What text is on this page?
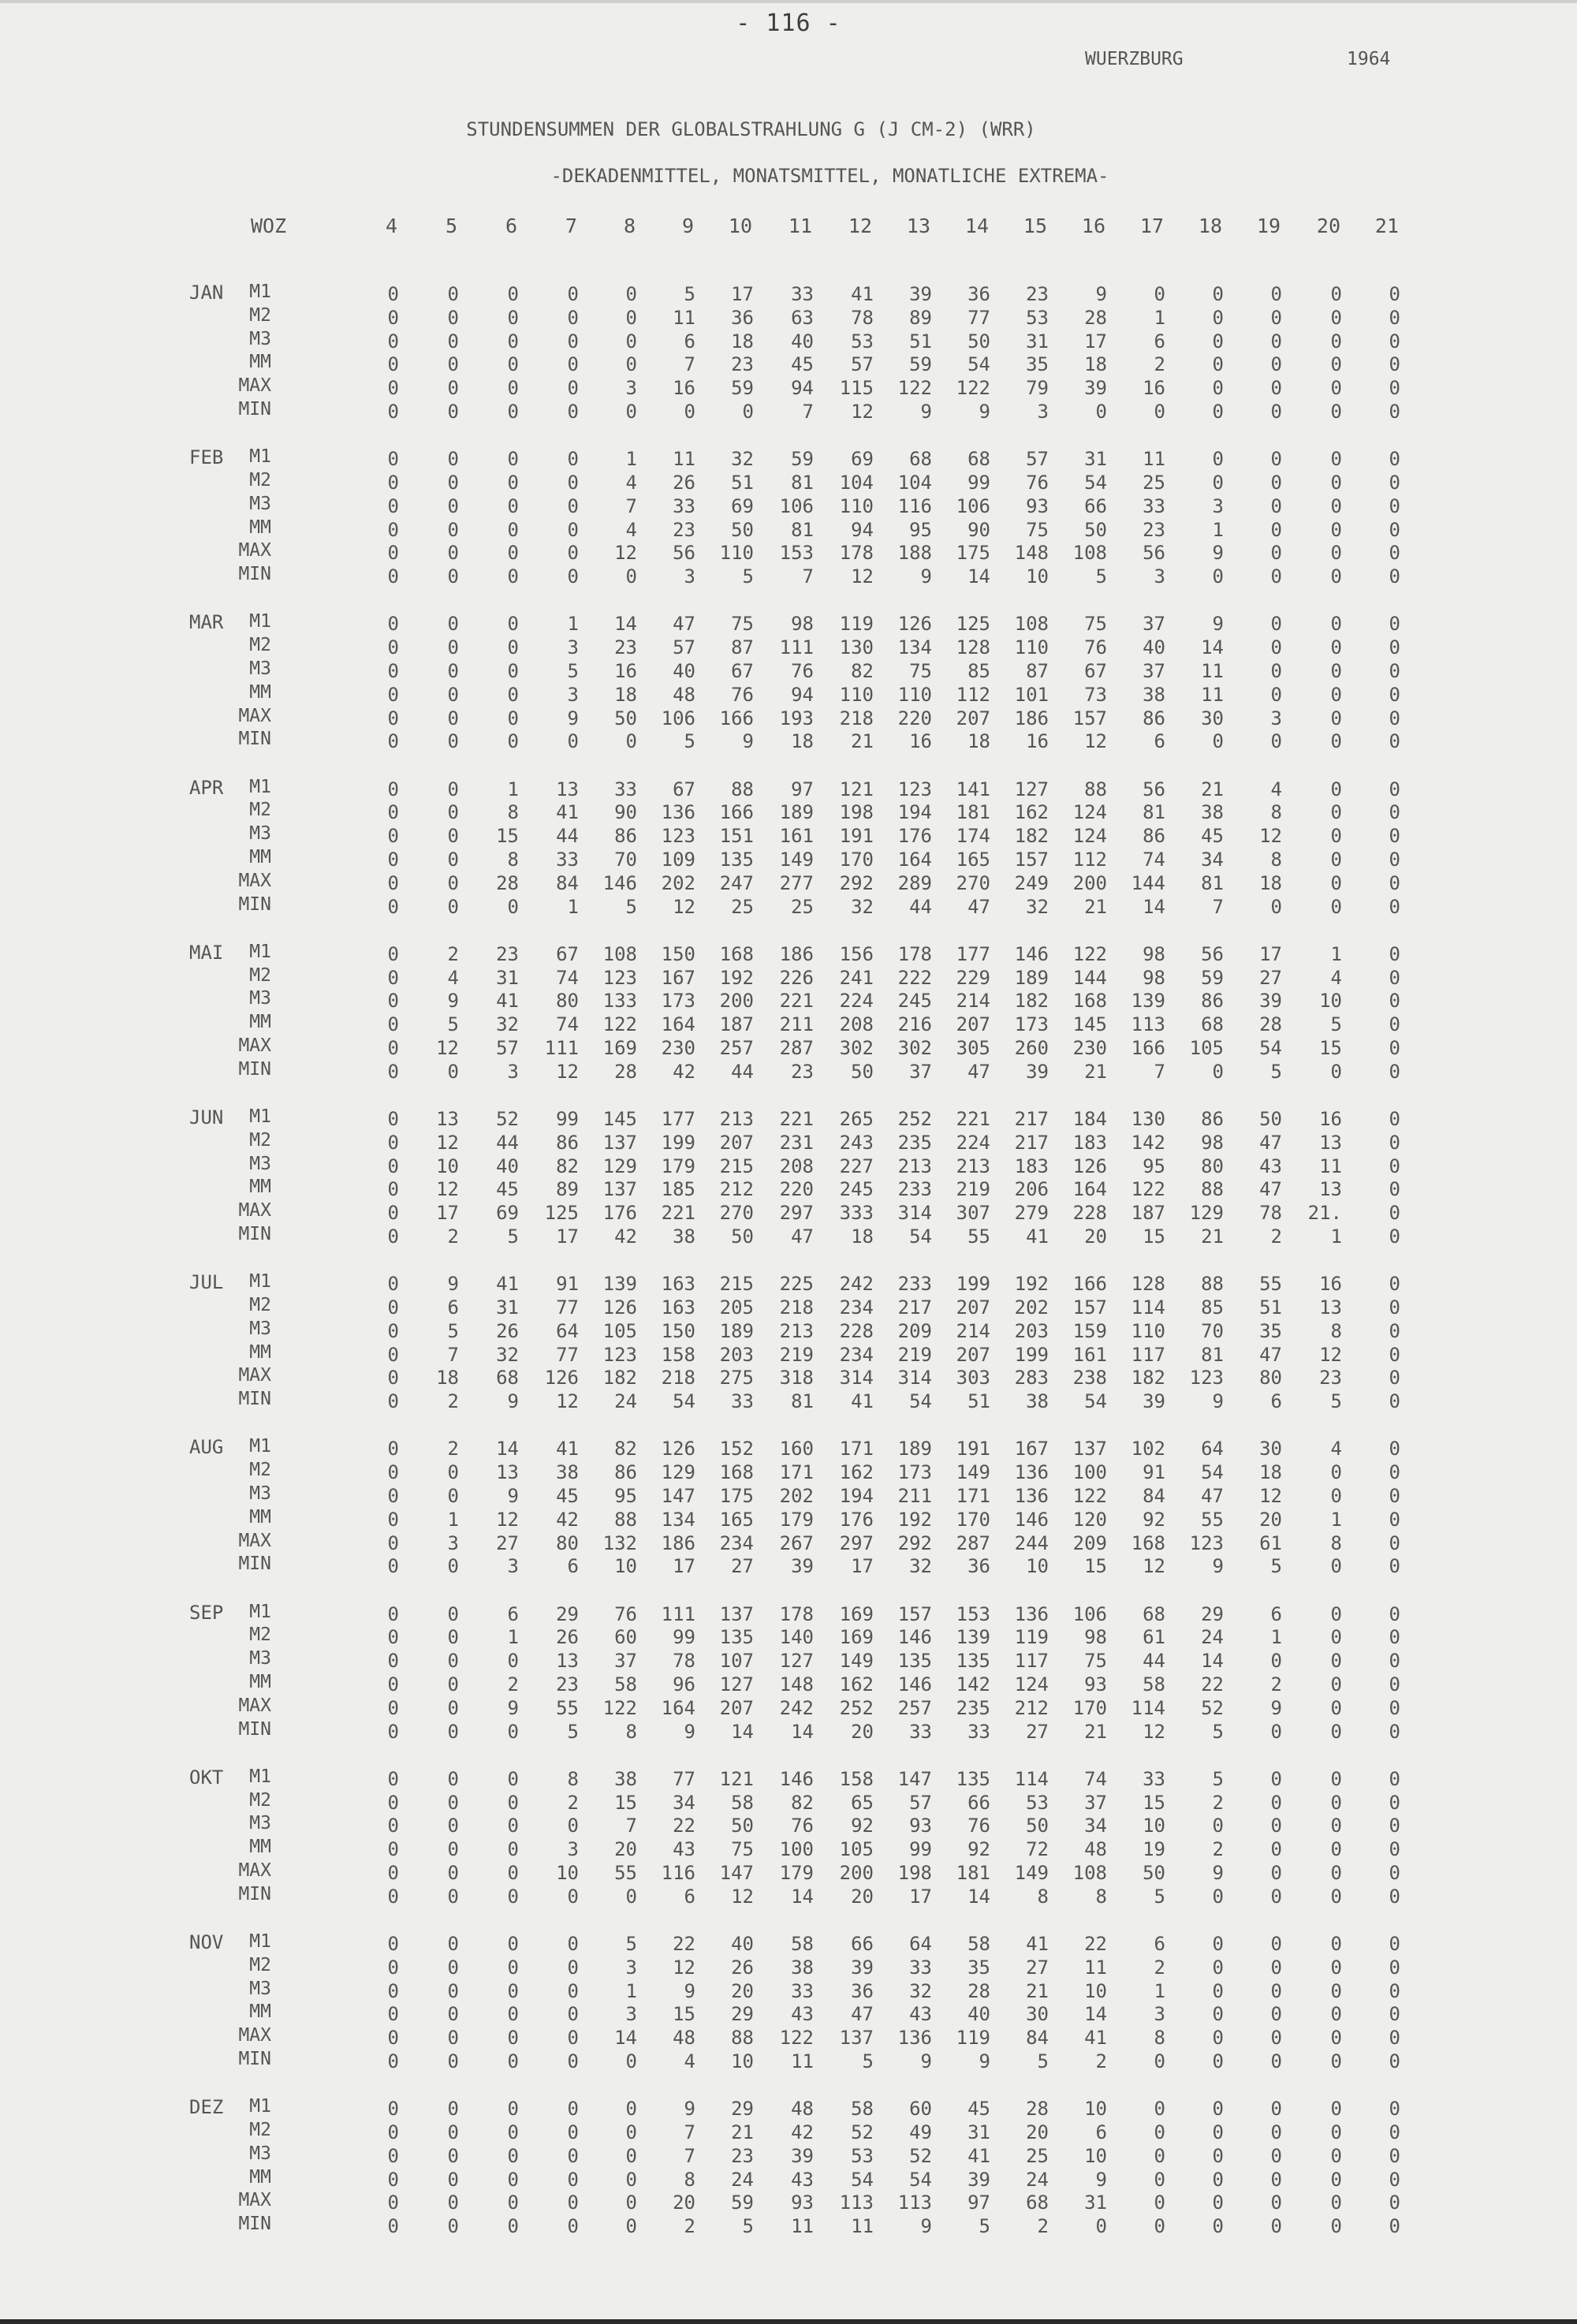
- 116 -
WUERZBURG	1964
STUNDENSUMMEN DER GLOBALSTRAHLUNG G (J CM-2) (WRR)
-DEKADENMITTEL, MONATSMITTEL, MONATLICHE EXTREMA-
WOZ	4	5	6	7	8	9	10	11	12	13	14	15	16	17	18	19	20	21
JAN	M1	0	0	0	0	0	5	17	33	41	39	36	23	9	0	0	0	0	0
M2	0	0	0	0	0	11	36	63	78	89	77	53	28	1	0	0	0	0
M3	0	0	0	0	0	6	18	40	53	51	50	31	17	6	0	0	0	0
MM	0	0	0	0	0	7	23	45	57	59	54	35	18	2	0	0	0	0
MAX	0	0	0	0	3	16	59	94	115	122	122	79	39	16	0	0	0	0
MIN	0	0	0	0	0	0	0	7	12	9	9	3	0	0	0	0	0	0
FEB	M1	0	0	0	0	1	11	32	59	69	68	68	57	31	11	0	0	0	0
M2	0	0	0	0	4	26	51	81	104	104	99	76	54	25	0	0	0	0
M3	0	0	0	0	7	33	69	106	110	116	106	93	66	33	3	0	0	0
MM	0	0	0	0	4	23	50	81	94	95	90	75	50	23	1	0	0	0
MAX	0	0	0	0	12	56	110	153	178	188	175	148	108	56	9	0	0	0
MIN	0	0	0	0	0	3	5	7	12	9	14	10	5	3	0	0	0	0
MAR	M1	0	0	0	1	14	47	75	98	119	126	125	108	75	37	9	0	0	0
M2	0	0	0	3	23	57	87	111	130	134	128	110	76	40	14	0	0	0
M3	0	0	0	5	16	40	67	76	82	75	85	87	67	37	11	0	0	0
MM	0	0	0	3	18	48	76	94	110	110	112	101	73	38	11	0	0	0
MAX	0	0	0	9	50	106	166	193	218	220	207	186	157	86	30	3	0	0
MIN	0	0	0	0	0	5	9	18	21	16	18	16	12	6	0	0	0	0
APR	M1	0	0	1	13	33	67	88	97	121	123	141	127	88	56	21	4	0	0
M2	0	0	8	41	90	136	166	189	198	194	181	162	124	81	38	8	0	0
M3	0	0	15	44	86	123	151	161	191	176	174	182	124	86	45	12	0	0
MM	0	0	8	33	70	109	135	149	170	164	165	157	112	74	34	8	0	0
MAX	0	0	28	84	146	202	247	277	292	289	270	249	200	144	81	18	0	0
MIN	0	0	0	1	5	12	25	25	32	44	47	32	21	14	7	0	0	0
MAI	M1	0	2	23	67	108	150	168	186	156	178	177	146	122	98	56	17	1	0
M2	0	4	31	74	123	167	192	226	241	222	229	189	144	98	59	27	4	0
M3	0	9	41	80	133	173	200	221	224	245	214	182	168	139	86	39	10	0
MM	0	5	32	74	122	164	187	211	208	216	207	173	145	113	68	28	5	0
MAX	0	12	57	111	169	230	257	287	302	302	305	260	230	166	105	54	15	0
MIN	0	0	3	12	28	42	44	23	50	37	47	39	21	7	0	5	0	0
JUN	M1	0	13	52	99	145	177	213	221	265	252	221	217	184	130	86	50	16	0
M2	0	12	44	86	137	199	207	231	243	235	224	217	183	142	98	47	13	0
M3	0	10	40	82	129	179	215	208	227	213	213	183	126	95	80	43	11	0
MM	0	12	45	89	137	185	212	220	245	233	219	206	164	122	88	47	13	0
MAX	0	17	69	125	176	221	270	297	333	314	307	279	228	187	129	78	21.	0
MIN	0	2	5	17	42	38	50	47	18	54	55	41	20	15	21	2	1	0
JUL	M1	0	9	41	91	139	163	215	225	242	233	199	192	166	128	88	55	16	0
M2	0	6	31	77	126	163	205	218	234	217	207	202	157	114	85	51	13	0
M3	0	5	26	64	105	150	189	213	228	209	214	203	159	110	70	35	8	0
MM	0	7	32	77	123	158	203	219	234	219	207	199	161	117	81	47	12	0
MAX	0	18	68	126	182	218	275	318	314	314	303	283	238	182	123	80	23	0
MIN	0	2	9	12	24	54	33	81	41	54	51	38	54	39	9	6	5	0
AUG	M1	0	2	14	41	82	126	152	160	171	189	191	167	137	102	64	30	4	0
M2	0	0	13	38	86	129	168	171	162	173	149	136	100	91	54	18	0	0
M3	0	0	9	45	95	147	175	202	194	211	171	136	122	84	47	12	0	0
MM	0	1	12	42	88	134	165	179	176	192	170	146	120	92	55	20	1	0
MAX	0	3	27	80	132	186	234	267	297	292	287	244	209	168	123	61	8	0
MIN	0	0	3	6	10	17	27	39	17	32	36	10	15	12	9	5	0	0
SEP	M1	0	0	6	29	76	111	137	178	169	157	153	136	106	68	29	6	0	0
M2	0	0	1	26	60	99	135	140	169	146	139	119	98	61	24	1	0	0
M3	0	0	0	13	37	78	107	127	149	135	135	117	75	44	14	0	0	0
MM	0	0	2	23	58	96	127	148	162	146	142	124	93	58	22	2	0	0
MAX	0	0	9	55	122	164	207	242	252	257	235	212	170	114	52	9	0	0
MIN	0	0	0	5	8	9	14	14	20	33	33	27	21	12	5	0	0	0
OKT	M1	0	0	0	8	38	77	121	146	158	147	135	114	74	33	5	0	0	0
M2	0	0	0	2	15	34	58	82	65	57	66	53	37	15	2	0	0	0
M3	0	0	0	0	7	22	50	76	92	93	76	50	34	10	0	0	0	0
MM	0	0	0	3	20	43	75	100	105	99	92	72	48	19	2	0	0	0
MAX	0	0	0	10	55	116	147	179	200	198	181	149	108	50	9	0	0	0
MIN	0	0	0	0	0	6	12	14	20	17	14	8	8	5	0	0	0	0
NOV	M1	0	0	0	0	5	22	40	58	66	64	58	41	22	6	0	0	0	0
M2	0	0	0	0	3	12	26	38	39	33	35	27	11	2	0	0	0	0
M3	0	0	0	0	1	9	20	33	36	32	28	21	10	1	0	0	0	0
MM	0	0	0	0	3	15	29	43	47	43	40	30	14	3	0	0	0	0
MAX	0	0	0	0	14	48	88	122	137	136	119	84	41	8	0	0	0	0
MIN	0	0	0	0	0	4	10	11	5	9	9	5	2	0	0	0	0	0
DEZ	M1	0	0	0	0	0	9	29	48	58	60	45	28	10	0	0	0	0	0
M2	0	0	0	0	0	7	21	42	52	49	31	20	6	0	0	0	0	0
M3	0	0	0	0	0	7	23	39	53	52	41	25	10	0	0	0	0	0
MM	0	0	0	0	0	8	24	43	54	54	39	24	9	0	0	0	0	0
MAX	0	0	0	0	0	20	59	93	113	113	97	68	31	0	0	0	0	0
MIN	0	0	0	0	0	2	5	11	11	9	5	2	0	0	0	0	0	0
